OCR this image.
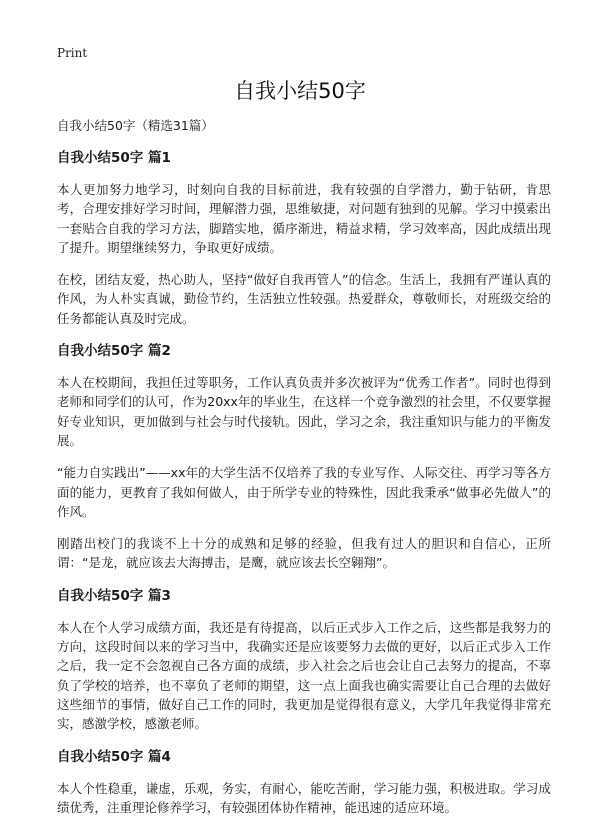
Print
自我小结50字
自我小结50字（精选31篇）
自我小结50字 篇1

本人更加努力地学习，时刻向自我的目标前进，我有较强的自学潜力，勤于钻研，肯思考，合理安排好学习时间，理解潜力强，思维敏捷，对问题有独到的见解。学习中摸索出一套贴合自我的学习方法，脚踏实地，循序渐进，精益求精，学习效率高，因此成绩出现了提升。期望继续努力，争取更好成绩。

在校，团结友爱，热心助人，坚持“做好自我再管人”的信念。生活上，我拥有严谨认真的作风，为人朴实真诚，勤俭节约，生活独立性较强。热爱群众，尊敬师长，对班级交给的任务都能认真及时完成。

自我小结50字 篇2

本人在校期间，我担任过等职务，工作认真负责并多次被评为“优秀工作者”。同时也得到老师和同学们的认可，作为20xx年的毕业生，在这样一个竞争激烈的社会里，不仅要掌握好专业知识，更加做到与社会与时代接轨。因此，学习之余，我注重知识与能力的平衡发展。

“能力自实践出”——xx年的大学生活不仅培养了我的专业写作、人际交往、再学习等各方面的能力，更教育了我如何做人，由于所学专业的特殊性，因此我秉承“做事必先做人”的作风。

刚踏出校门的我谈不上十分的成熟和足够的经验，但我有过人的胆识和自信心，正所谓：“是龙，就应该去大海搏击，是鹰，就应该去长空翱翔”。

自我小结50字 篇3

本人在个人学习成绩方面，我还是有待提高，以后正式步入工作之后，这些都是我努力的方向，这段时间以来的学习当中，我确实还是应该要努力去做的更好，以后正式步入工作之后，我一定不会忽视自己各方面的成绩，步入社会之后也会让自己去努力的提高，不辜负了学校的培养，也不辜负了老师的期望，这一点上面我也确实需要让自己合理的去做好这些细节的事情，做好自己工作的同时，我更加是觉得很有意义，大学几年我觉得非常充实，感激学校，感激老师。

自我小结50字 篇4

本人个性稳重，谦虚，乐观，务实，有耐心，能吃苦耐，学习能力强，积极进取。学习成绩优秀，注重理论修养学习，有较强团体协作精神，能迅速的适应环境。
